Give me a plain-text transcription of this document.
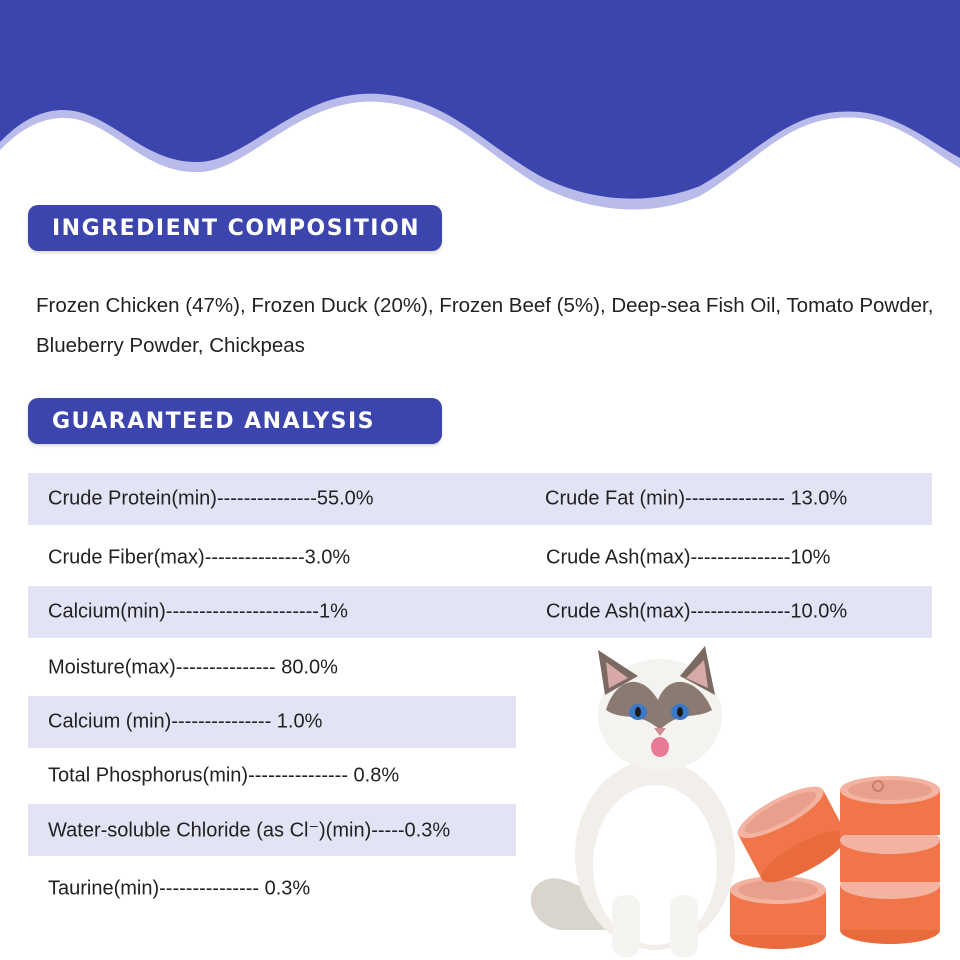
INGREDIENT COMPOSITION
Frozen Chicken (47%), Frozen Duck (20%), Frozen Beef (5%), Deep-sea Fish Oil, Tomato Powder, Blueberry Powder, Chickpeas
GUARANTEED ANALYSIS
Crude Protein(min)---------------55.0%	Crude Fat (min)--------------- 13.0%
Crude Fiber(max)---------------3.0%	Crude Ash(max)---------------10%
Calcium(min)-----------------------1%	Crude Ash(max)---------------10.0%
Moisture(max)--------------- 80.0%
Calcium (min)--------------- 1.0%
Total Phosphorus(min)--------------- 0.8%
Water-soluble Chloride (as Cl⁻)(min)-----0.3%
Taurine(min)--------------- 0.3%
